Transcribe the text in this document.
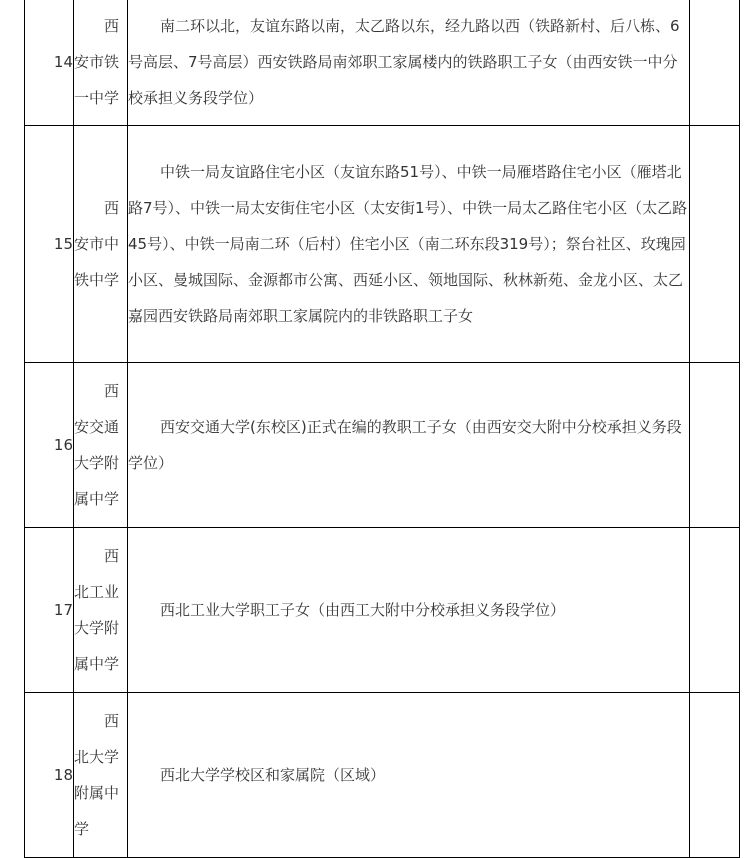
14	西安市铁一中学	南二环以北，友谊东路以南，太乙路以东，经九路以西（铁路新村、后八栋、6号高层、7号高层）西安铁路局南郊职工家属楼内的铁路职工子女（由西安铁一中分校承担义务段学位）	
15	西安市中铁中学	中铁一局友谊路住宅小区（友谊东路51号）、中铁一局雁塔路住宅小区（雁塔北路7号）、中铁一局太安街住宅小区（太安街1号）、中铁一局太乙路住宅小区（太乙路45号）、中铁一局南二环（后村）住宅小区（南二环东段319号）；祭台社区、玫瑰园小区、曼城国际、金源都市公寓、西延小区、领地国际、秋林新苑、金龙小区、太乙嘉园西安铁路局南郊职工家属院内的非铁路职工子女	
16	西安交通大学附属中学	西安交通大学(东校区)正式在编的教职工子女（由西安交大附中分校承担义务段学位）	
17	西北工业大学附属中学	西北工业大学职工子女（由西工大附中分校承担义务段学位）	
18	西北大学附属中学	西北大学学校区和家属院（区域）	
